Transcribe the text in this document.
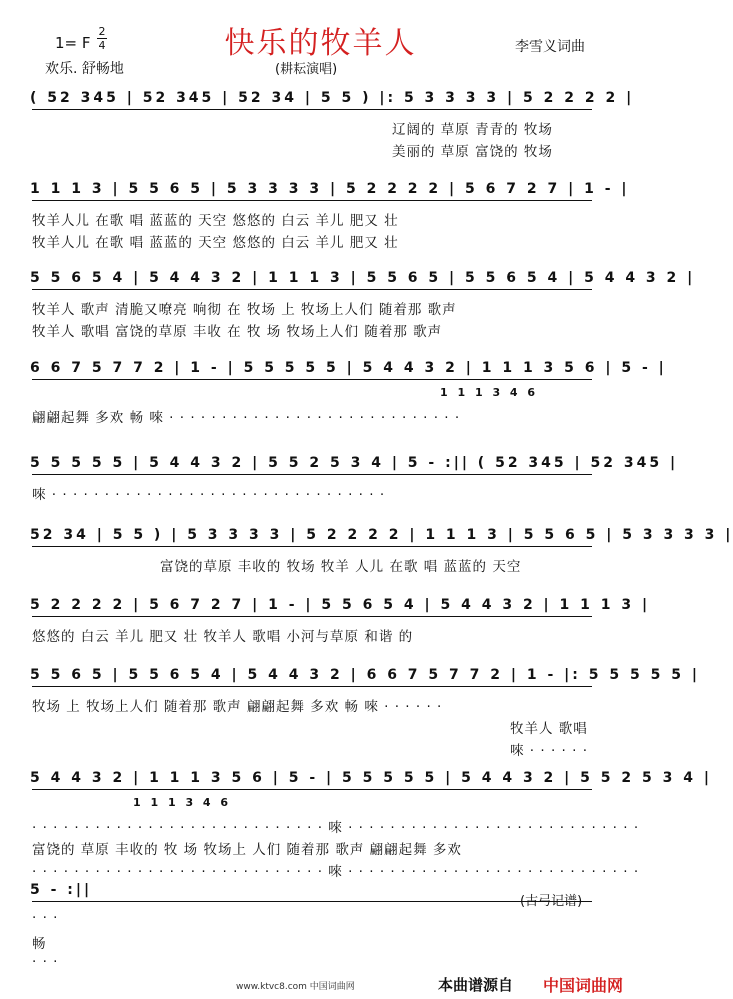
快乐的牧羊人
1= F
2
4
欢乐. 舒畅地
李雪义词曲
(耕耘演唱)
( 52 345 | 52 345 | 52 34 | 5 5 ) |: 5 3 3 3 3 | 5 2 2 2 2 |
辽阔的 草原 青青的 牧场
美丽的 草原 富饶的 牧场
1 1 1 3 | 5 5 6 5 | 5 3 3 3 3 | 5 2 2 2 2 | 5 6 7 2 7 | 1 - |
牧羊人儿 在歌 唱 蓝蓝的 天空 悠悠的 白云 羊儿 肥又 壮
牧羊人儿 在歌 唱 蓝蓝的 天空 悠悠的 白云 羊儿 肥又 壮
5 5 6 5 4 | 5 4 4 3 2 | 1 1 1 3 | 5 5 6 5 | 5 5 6 5 4 | 5 4 4 3 2 |
牧羊人 歌声 清脆又嘹亮 响彻 在 牧场 上 牧场上人们 随着那 歌声
牧羊人 歌唱 富饶的草原 丰收 在 牧 场 牧场上人们 随着那 歌声
6 6 7 5 7 7 2 | 1 - | 5 5 5 5 5 | 5 4 4 3 2 | 1 1 1 3 5 6 | 5 - |
1 1 1 3 4 6
翩翩起舞 多欢 畅 唻 · · · · · · · · · · · · · · · · · · · · · · · · · · · ·
5 5 5 5 5 | 5 4 4 3 2 | 5 5 2 5 3 4 | 5 - :|| ( 52 345 | 52 345 |
唻 · · · · · · · · · · · · · · · · · · · · · · · · · · · · · · · ·
52 34 | 5 5 ) | 5 3 3 3 3 | 5 2 2 2 2 | 1 1 1 3 | 5 5 6 5 | 5 3 3 3 3 |
富饶的草原 丰收的 牧场 牧羊 人儿 在歌 唱 蓝蓝的 天空
5 2 2 2 2 | 5 6 7 2 7 | 1 - | 5 5 6 5 4 | 5 4 4 3 2 | 1 1 1 3 |
悠悠的 白云 羊儿 肥又 壮 牧羊人 歌唱 小河与草原 和谐 的
5 5 6 5 | 5 5 6 5 4 | 5 4 4 3 2 | 6 6 7 5 7 7 2 | 1 - |: 5 5 5 5 5 |
牧场 上 牧场上人们 随着那 歌声 翩翩起舞 多欢 畅 唻 · · · · · ·
牧羊人 歌唱
唻 · · · · · ·
5 4 4 3 2 | 1 1 1 3 5 6 | 5 - | 5 5 5 5 5 | 5 4 4 3 2 | 5 5 2 5 3 4 |
1 1 1 3 4 6
· · · · · · · · · · · · · · · · · · · · · · · · · · · · 唻 · · · · · · · · · · · · · · · · · · · · · · · · · · · ·
富饶的 草原 丰收的 牧 场 牧场上 人们 随着那 歌声 翩翩起舞 多欢
· · · · · · · · · · · · · · · · · · · · · · · · · · · · 唻 · · · · · · · · · · · · · · · · · · · · · · · · · · · ·
5 - :||
· · ·
畅
· · ·
(古弓记谱)
www.ktvc8.com 中国词曲网	本曲谱源自 中国词曲网
